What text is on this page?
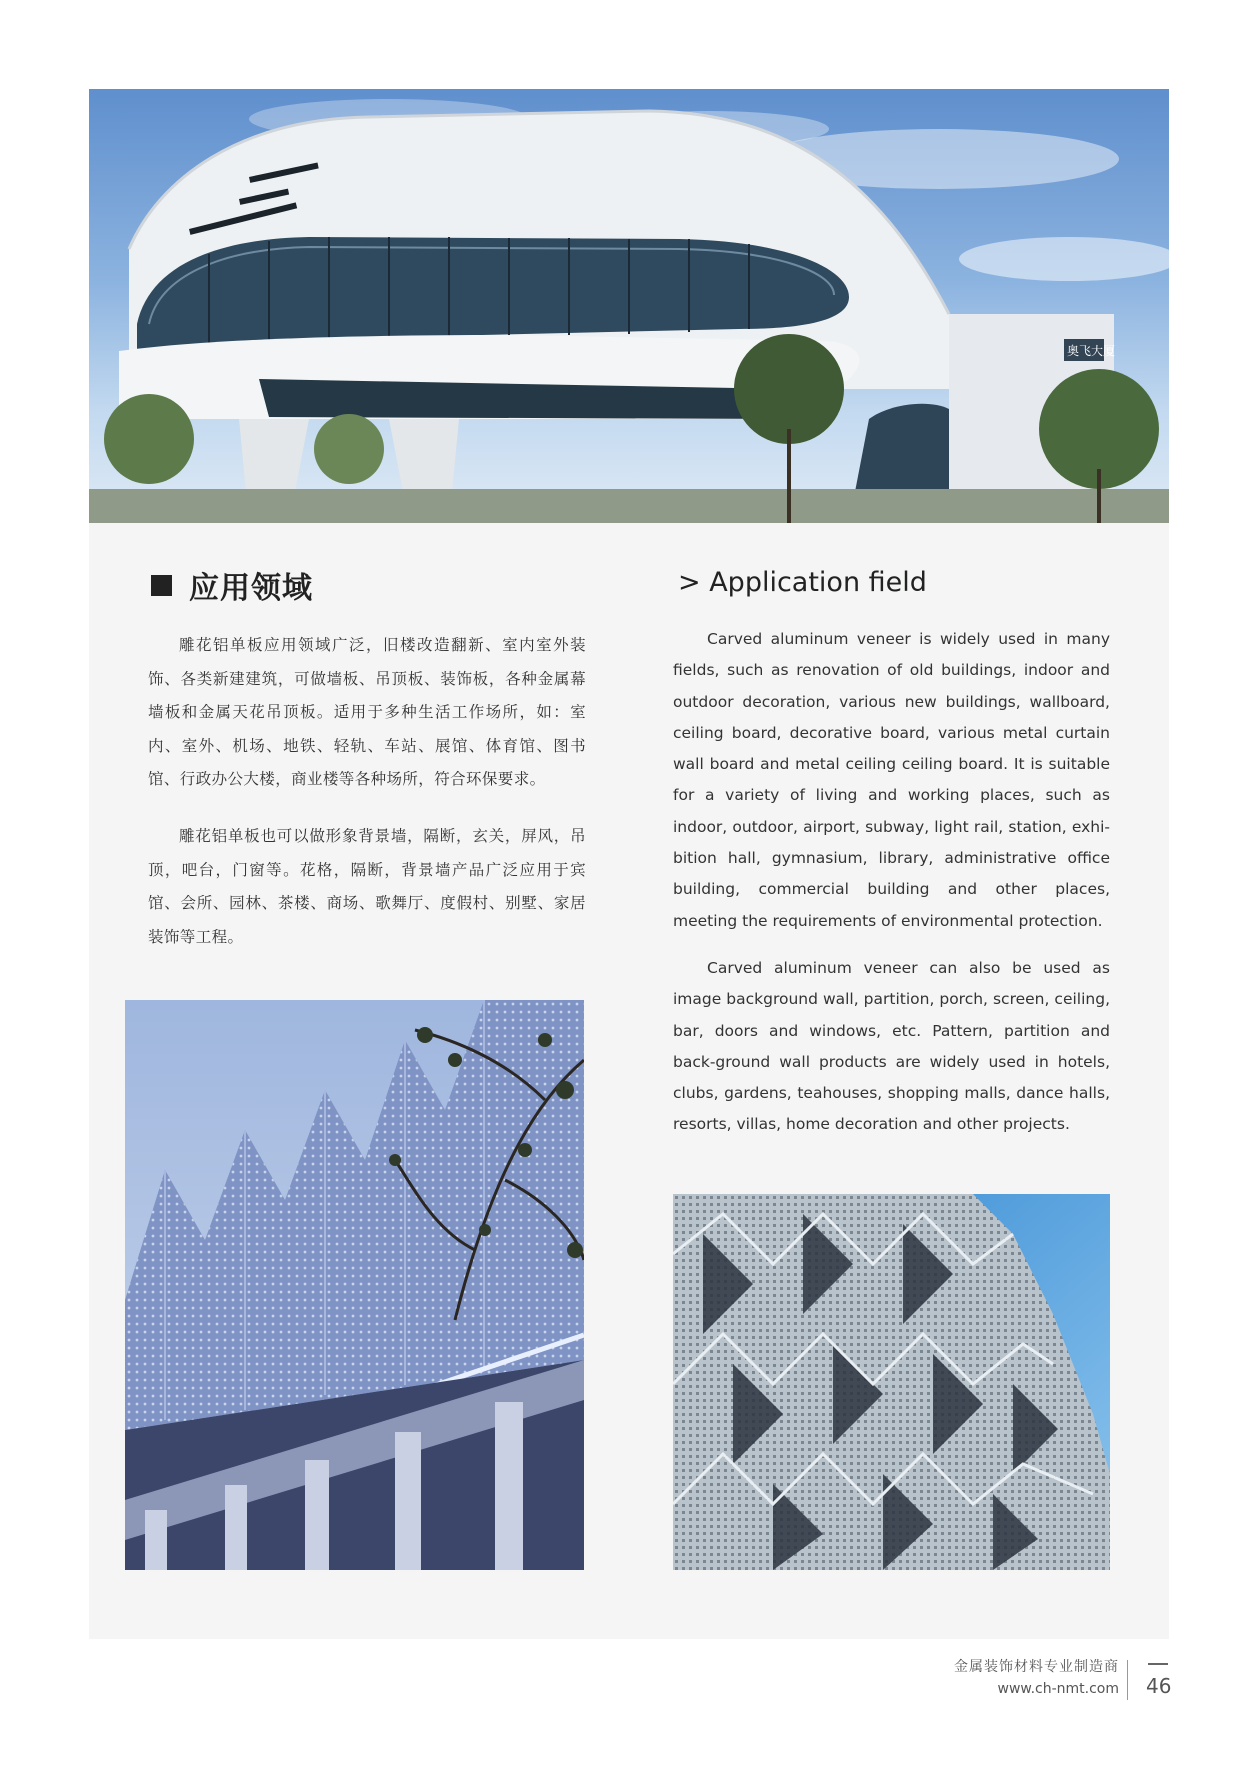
奥飞大厦
应用领域	> Application field

雕花铝单板应用领域广泛，旧楼改造翻新、室内室外装饰、各类新建建筑，可做墙板、吊顶板、装饰板，各种金属幕墙板和金属天花吊顶板。适用于多种生活工作场所，如：室内、室外、机场、地铁、轻轨、车站、展馆、体育馆、图书馆、行政办公大楼，商业楼等各种场所，符合环保要求。

雕花铝单板也可以做形象背景墙，隔断，玄关，屏风，吊顶，吧台，门窗等。花格，隔断，背景墙产品广泛应用于宾馆、会所、园林、茶楼、商场、歌舞厅、度假村、别墅、家居装饰等工程。

Carved aluminum veneer is widely used in many fields, such as renovation of old buildings, indoor and outdoor decoration, various new buildings, wallboard, ceiling board, decorative board, various metal curtain wall board and metal ceiling ceiling board. It is suitable for a variety of living and working places, such as indoor, outdoor, airport, subway, light rail, station, exhi-bition hall, gymnasium, library, administrative office building, commercial building and other places, meeting the requirements of environmental protection.

Carved aluminum veneer can also be used as image background wall, partition, porch, screen, ceiling, bar, doors and windows, etc. Pattern, partition and back-ground wall products are widely used in hotels, clubs, gardens, teahouses, shopping malls, dance halls, resorts, villas, home decoration and other projects.

金属装饰材料专业制造商
www.ch-nmt.com 46
